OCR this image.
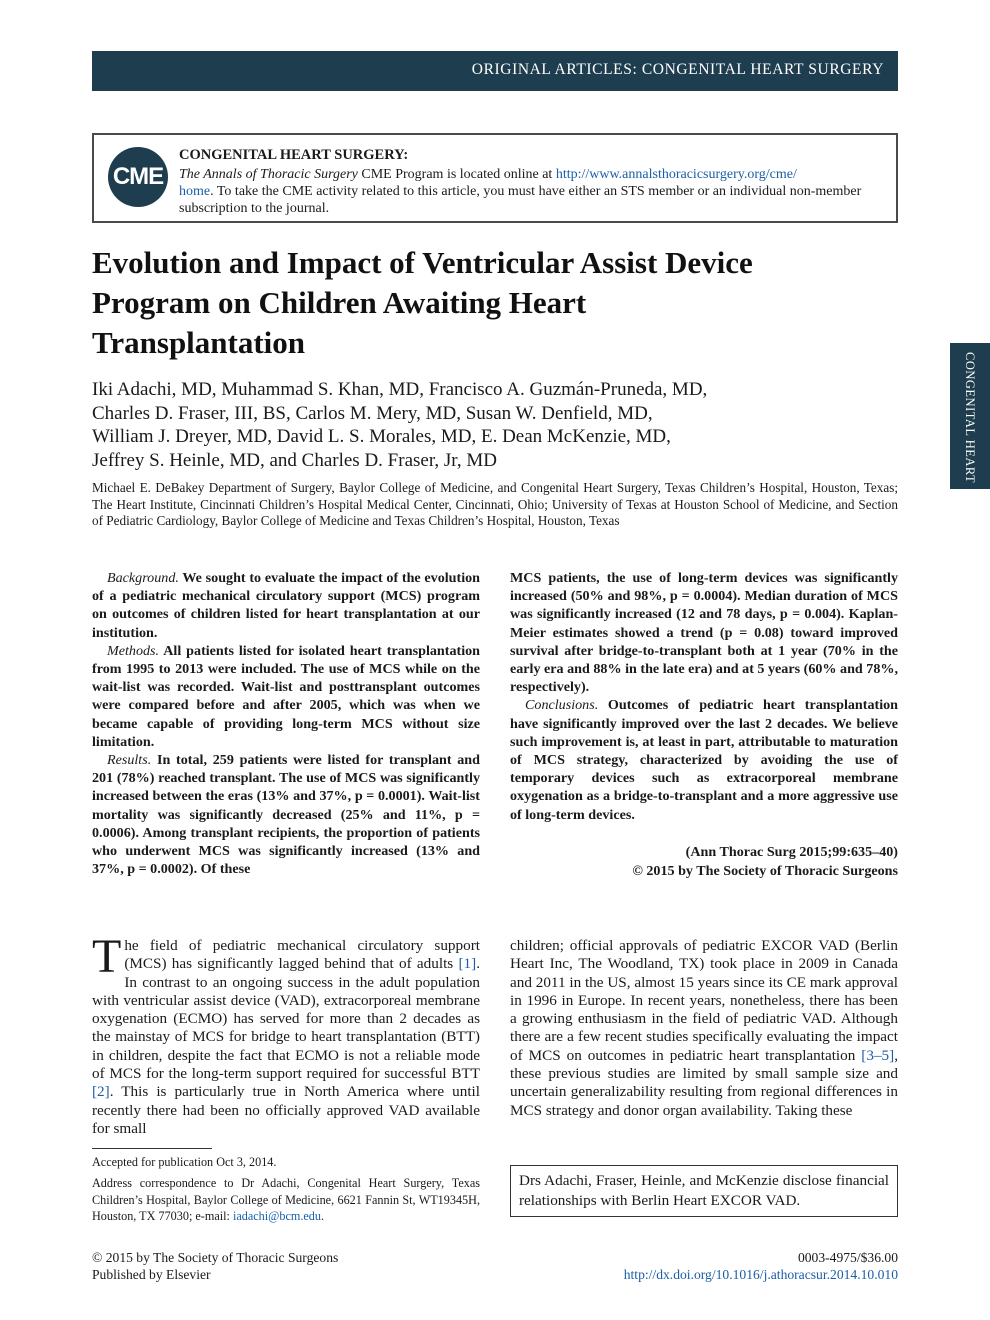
ORIGINAL ARTICLES: CONGENITAL HEART SURGERY
CONGENITAL HEART
CME
CONGENITAL HEART SURGERY:
The Annals of Thoracic Surgery CME Program is located online at http://www.annalsthoracicsurgery.org/cme/
home. To take the CME activity related to this article, you must have either an STS member or an individual non-member subscription to the journal.
Evolution and Impact of Ventricular Assist Device Program on Children Awaiting Heart Transplantation
Iki Adachi, MD, Muhammad S. Khan, MD, Francisco A. Guzmán-Pruneda, MD,
Charles D. Fraser, III, BS, Carlos M. Mery, MD, Susan W. Denfield, MD,
William J. Dreyer, MD, David L. S. Morales, MD, E. Dean McKenzie, MD,
Jeffrey S. Heinle, MD, and Charles D. Fraser, Jr, MD
Michael E. DeBakey Department of Surgery, Baylor College of Medicine, and Congenital Heart Surgery, Texas Children’s Hospital, Houston, Texas; The Heart Institute, Cincinnati Children’s Hospital Medical Center, Cincinnati, Ohio; University of Texas at Houston School of Medicine, and Section of Pediatric Cardiology, Baylor College of Medicine and Texas Children’s Hospital, Houston, Texas

Background. We sought to evaluate the impact of the evolution of a pediatric mechanical circulatory support (MCS) program on outcomes of children listed for heart transplantation at our institution.

Methods. All patients listed for isolated heart transplantation from 1995 to 2013 were included. The use of MCS while on the wait-list was recorded. Wait-list and posttransplant outcomes were compared before and after 2005, which was when we became capable of providing long-term MCS without size limitation.

Results. In total, 259 patients were listed for transplant and 201 (78%) reached transplant. The use of MCS was significantly increased between the eras (13% and 37%, p = 0.0001). Wait-list mortality was significantly decreased (25% and 11%, p = 0.0006). Among transplant recipients, the proportion of patients who underwent MCS was significantly increased (13% and 37%, p = 0.0002). Of these

MCS patients, the use of long-term devices was significantly increased (50% and 98%, p = 0.0004). Median duration of MCS was significantly increased (12 and 78 days, p = 0.004). Kaplan-Meier estimates showed a trend (p = 0.08) toward improved survival after bridge-to-transplant both at 1 year (70% in the early era and 88% in the late era) and at 5 years (60% and 78%, respectively).

Conclusions. Outcomes of pediatric heart transplantation have significantly improved over the last 2 decades. We believe such improvement is, at least in part, attributable to maturation of MCS strategy, characterized by avoiding the use of temporary devices such as extracorporeal membrane oxygenation as a bridge-to-transplant and a more aggressive use of long-term devices.

(Ann Thorac Surg 2015;99:635–40)
© 2015 by The Society of Thoracic Surgeons
The field of pediatric mechanical circulatory support (MCS) has significantly lagged behind that of adults [1]. In contrast to an ongoing success in the adult population with ventricular assist device (VAD), extracorporeal membrane oxygenation (ECMO) has served for more than 2 decades as the mainstay of MCS for bridge to heart transplantation (BTT) in children, despite the fact that ECMO is not a reliable mode of MCS for the long-term support required for successful BTT [2]. This is particularly true in North America where until recently there had been no officially approved VAD available for small
children; official approvals of pediatric EXCOR VAD (Berlin Heart Inc, The Woodland, TX) took place in 2009 in Canada and 2011 in the US, almost 15 years since its CE mark approval in 1996 in Europe. In recent years, nonetheless, there has been a growing enthusiasm in the field of pediatric VAD. Although there are a few recent studies specifically evaluating the impact of MCS on outcomes in pediatric heart transplantation [3–5], these previous studies are limited by small sample size and uncertain generalizability resulting from regional differences in MCS strategy and donor organ availability. Taking these
Accepted for publication Oct 3, 2014.
Address correspondence to Dr Adachi, Congenital Heart Surgery, Texas Children’s Hospital, Baylor College of Medicine, 6621 Fannin St, WT19345H, Houston, TX 77030; e-mail: iadachi@bcm.edu.
Drs Adachi, Fraser, Heinle, and McKenzie disclose financial relationships with Berlin Heart EXCOR VAD.
© 2015 by The Society of Thoracic Surgeons
Published by Elsevier
0003-4975/$36.00
http://dx.doi.org/10.1016/j.athoracsur.2014.10.010
